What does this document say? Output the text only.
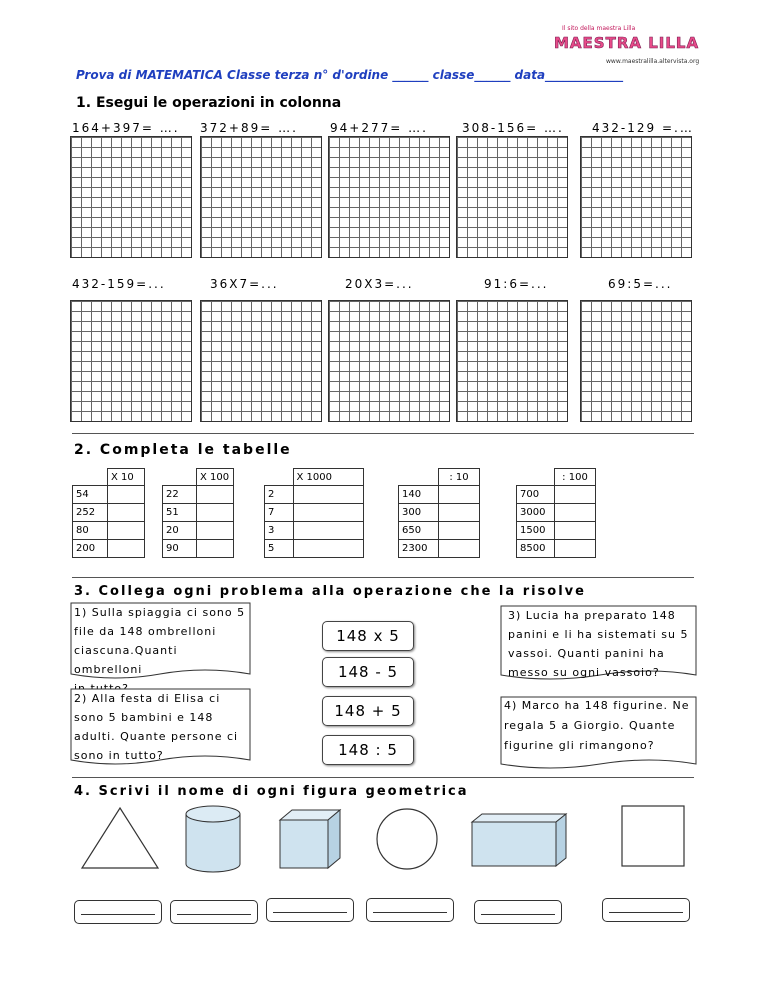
Il sito della maestra Lilla
MAESTRA LILLA
www.maestralilla.altervista.org
Prova di MATEMATICA Classe terza n° d'ordine ______ classe______ data_____________
1. Esegui le operazioni in colonna
164+397= …. 372+89= ….	94+277= ….	308-156= …. 432-129 =.…
432-159=...	36X7=...	20X3=...	91:6=...	69:5=...
2. Completa le tabelle
	X 10
54	
252	
80	
200	
	X 100
22	
51	
20	
90	
	X 1000
2	
7	
3	
5	
	: 10
140	
300	
650	
2300	
	: 100
700	
3000	
1500	
8500	
3. Collega ogni problema alla operazione che la risolve
1) Sulla spiaggia ci sono 5
file da 148 ombrelloni
ciascuna.Quanti ombrelloni
2) Alla festa di Elisa ci
sono 5 bambini e 148
adulti. Quante persone ci
sono in tutto?
3) Lucia ha preparato 148
panini e li ha sistemati su 5
vassoi. Quanti panini ha
messo su ogni vassoio?
4) Marco ha 148 figurine. Ne
regala 5 a Giorgio. Quante
figurine gli rimangono?
148 x 5
148 - 5
148 + 5
148 : 5
4. Scrivi il nome di ogni figura geometrica
